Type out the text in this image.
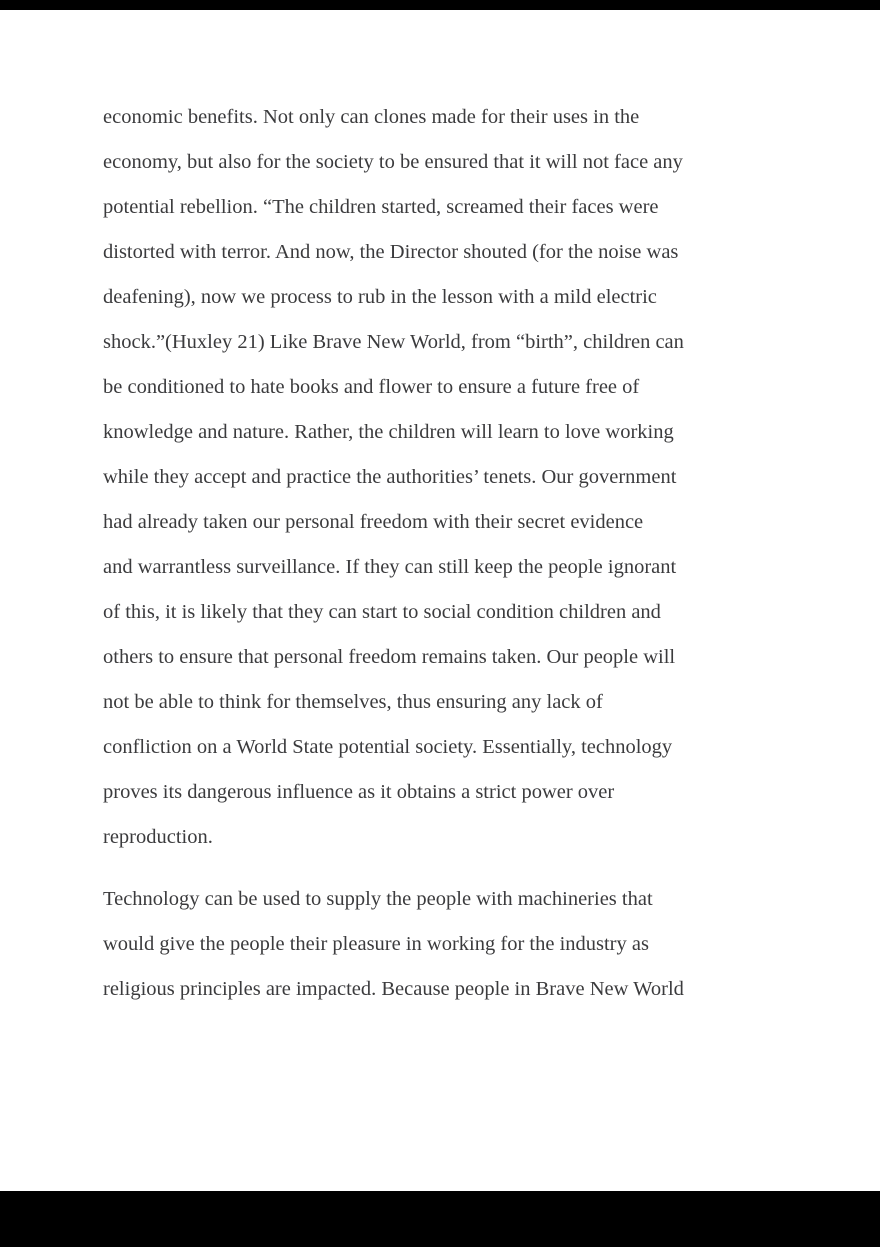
economic benefits. Not only can clones made for their uses in the
economy, but also for the society to be ensured that it will not face any
potential rebellion. “The children started, screamed their faces were
distorted with terror. And now, the Director shouted (for the noise was
deafening), now we process to rub in the lesson with a mild electric
shock.”(Huxley 21) Like Brave New World, from “birth”, children can
be conditioned to hate books and flower to ensure a future free of
knowledge and nature. Rather, the children will learn to love working
while they accept and practice the authorities’ tenets. Our government
had already taken our personal freedom with their secret evidence
and warrantless surveillance. If they can still keep the people ignorant
of this, it is likely that they can start to social condition children and
others to ensure that personal freedom remains taken. Our people will
not be able to think for themselves, thus ensuring any lack of
confliction on a World State potential society. Essentially, technology
proves its dangerous influence as it obtains a strict power over
reproduction.
Technology can be used to supply the people with machineries that
would give the people their pleasure in working for the industry as
religious principles are impacted. Because people in Brave New World
